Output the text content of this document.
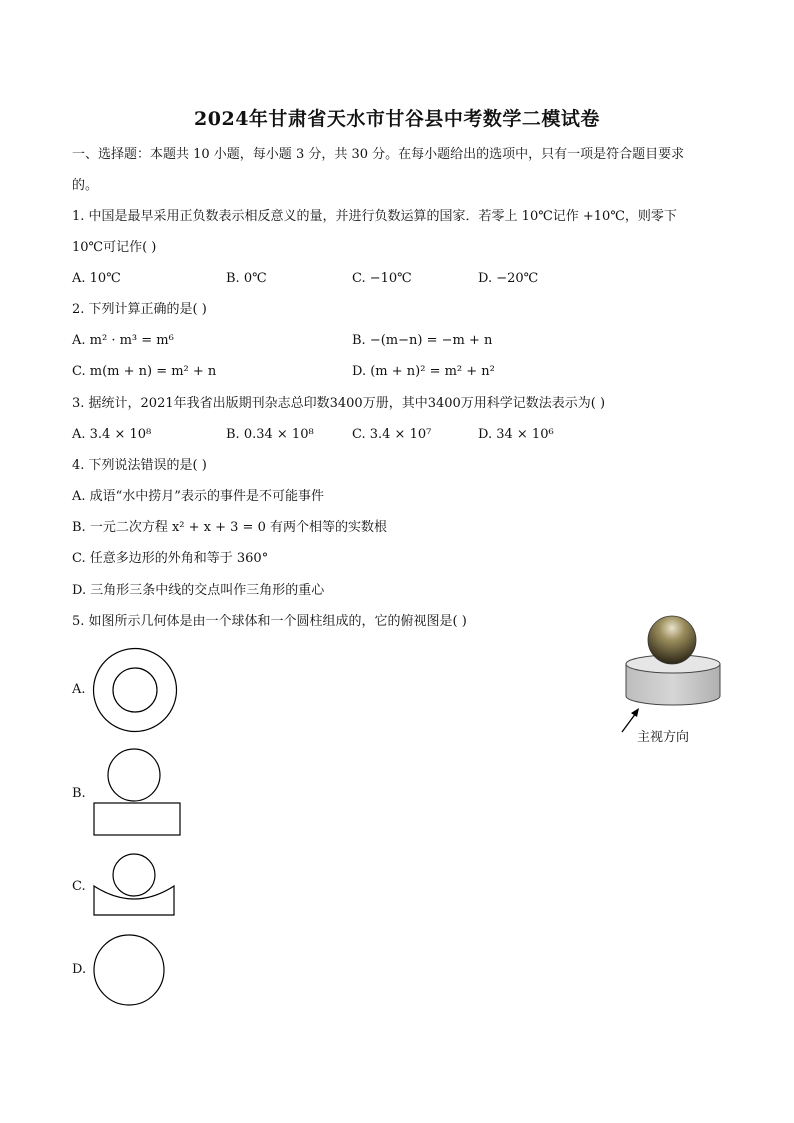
2024年甘肃省天水市甘谷县中考数学二模试卷
一、选择题：本题共 10 小题，每小题 3 分，共 30 分。在每小题给出的选项中，只有一项是符合题目要求
的。
1. 中国是最早采用正负数表示相反意义的量，并进行负数运算的国家．若零上 10℃记作 +10℃，则零下
10℃可记作( )
A. 10℃	B. 0℃	C. −10℃	D. −20℃
2. 下列计算正确的是( )
A. m² · m³ = m⁶	B. −(m−n) = −m + n
C. m(m + n) = m² + n	D. (m + n)² = m² + n²
3. 据统计，2021年我省出版期刊杂志总印数3400万册，其中3400万用科学记数法表示为( )
A. 3.4 × 10⁸	B. 0.34 × 10⁸	C. 3.4 × 10⁷	D. 34 × 10⁶
4. 下列说法错误的是( )
A. 成语“水中捞月”表示的事件是不可能事件
B. 一元二次方程 x² + x + 3 = 0 有两个相等的实数根
C. 任意多边形的外角和等于 360°
D. 三角形三条中线的交点叫作三角形的重心
5. 如图所示几何体是由一个球体和一个圆柱组成的，它的俯视图是( )
A.
B.
C.
D.
主视方向
